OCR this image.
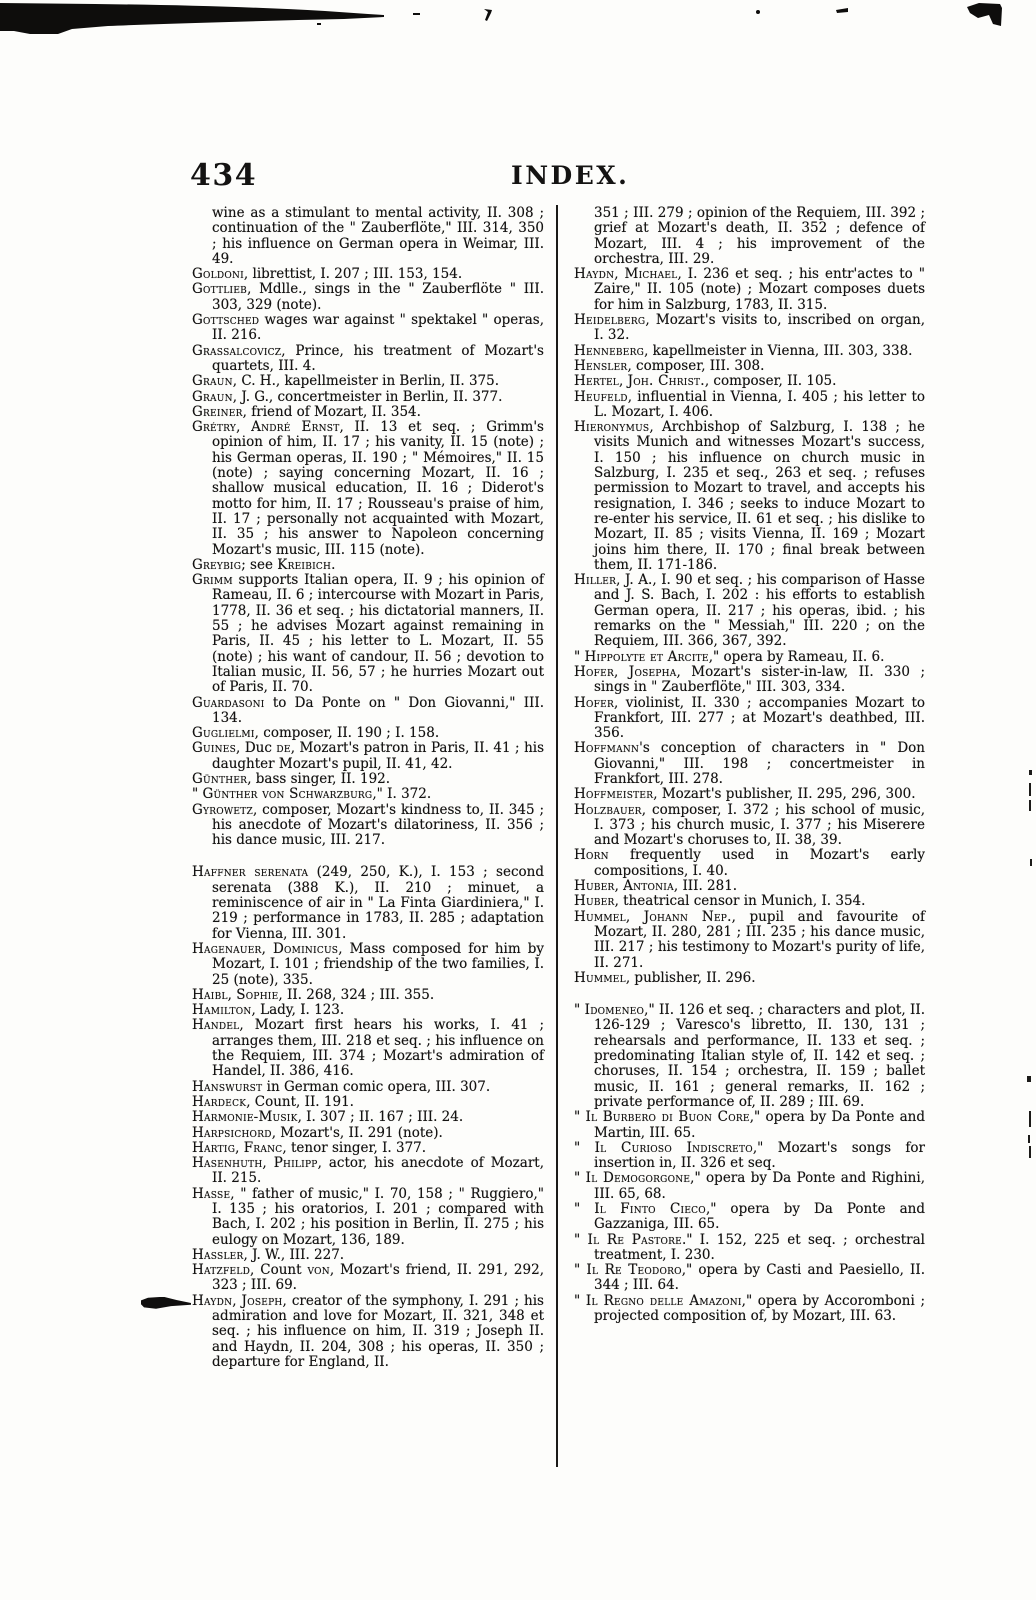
434	INDEX.

wine as a stimulant to mental activity, II. 308 ; continuation of the " Zauberflöte," III. 314, 350 ; his influence on German opera in Weimar, III. 49.

Goldoni, librettist, I. 207 ; III. 153, 154.

Gottlieb, Mdlle., sings in the " Zauberflöte " III. 303, 329 (note).

Gottsched wages war against " spektakel " operas, II. 216.

Grassalcovicz, Prince, his treatment of Mozart's quartets, III. 4.

Graun, C. H., kapellmeister in Berlin, II. 375.

Graun, J. G., concertmeister in Berlin, II. 377.

Greiner, friend of Mozart, II. 354.

Grétry, André Ernst, II. 13 et seq. ; Grimm's opinion of him, II. 17 ; his vanity, II. 15 (note) ; his German operas, II. 190 ; " Mémoires," II. 15 (note) ; saying concerning Mozart, II. 16 ; shallow musical education, II. 16 ; Diderot's motto for him, II. 17 ; Rousseau's praise of him, II. 17 ; personally not acquainted with Mozart, II. 35 ; his answer to Napoleon concerning Mozart's music, III. 115 (note).

Greybig; see Kreibich.

Grimm supports Italian opera, II. 9 ; his opinion of Rameau, II. 6 ; intercourse with Mozart in Paris, 1778, II. 36 et seq. ; his dictatorial manners, II. 55 ; he advises Mozart against remaining in Paris, II. 45 ; his letter to L. Mozart, II. 55 (note) ; his want of candour, II. 56 ; devotion to Italian music, II. 56, 57 ; he hurries Mozart out of Paris, II. 70.

Guardasoni to Da Ponte on " Don Giovanni," III. 134.

Guglielmi, composer, II. 190 ; I. 158.

Guines, Duc de, Mozart's patron in Paris, II. 41 ; his daughter Mozart's pupil, II. 41, 42.

Günther, bass singer, II. 192.

" Günther von Schwarzburg," I. 372.

Gyrowetz, composer, Mozart's kindness to, II. 345 ; his anecdote of Mozart's dilatoriness, II. 356 ; his dance music, III. 217.

Haffner serenata (249, 250, K.), I. 153 ; second serenata (388 K.), II. 210 ; minuet, a reminiscence of air in " La Finta Giardiniera," I. 219 ; performance in 1783, II. 285 ; adaptation for Vienna, III. 301.

Hagenauer, Dominicus, Mass composed for him by Mozart, I. 101 ; friendship of the two families, I. 25 (note), 335.

Haibl, Sophie, II. 268, 324 ; III. 355.

Hamilton, Lady, I. 123.

Handel, Mozart first hears his works, I. 41 ; arranges them, III. 218 et seq. ; his influence on the Requiem, III. 374 ; Mozart's admiration of Handel, II. 386, 416.

Hanswurst in German comic opera, III. 307.

Hardeck, Count, II. 191.

Harmonie-Musik, I. 307 ; II. 167 ; III. 24.

Harpsichord, Mozart's, II. 291 (note).

Hartig, Franc, tenor singer, I. 377.

Hasenhuth, Philipp, actor, his anecdote of Mozart, II. 215.

Hasse, " father of music," I. 70, 158 ; " Ruggiero," I. 135 ; his oratorios, I. 201 ; compared with Bach, I. 202 ; his position in Berlin, II. 275 ; his eulogy on Mozart, 136, 189.

Hassler, J. W., III. 227.

Hatzfeld, Count von, Mozart's friend, II. 291, 292, 323 ; III. 69.

Haydn, Joseph, creator of the symphony, I. 291 ; his admiration and love for Mozart, II. 321, 348 et seq. ; his influence on him, II. 319 ; Joseph II. and Haydn, II. 204, 308 ; his operas, II. 350 ; departure for England, II.

351 ; III. 279 ; opinion of the Requiem, III. 392 ; grief at Mozart's death, II. 352 ; defence of Mozart, III. 4 ; his improvement of the orchestra, III. 29.

Haydn, Michael, I. 236 et seq. ; his entr'actes to " Zaire," II. 105 (note) ; Mozart composes duets for him in Salzburg, 1783, II. 315.

Heidelberg, Mozart's visits to, inscribed on organ, I. 32.

Henneberg, kapellmeister in Vienna, III. 303, 338.

Hensler, composer, III. 308.

Hertel, Joh. Christ., composer, II. 105.

Heufeld, influential in Vienna, I. 405 ; his letter to L. Mozart, I. 406.

Hieronymus, Archbishop of Salzburg, I. 138 ; he visits Munich and witnesses Mozart's success, I. 150 ; his influence on church music in Salzburg, I. 235 et seq., 263 et seq. ; refuses permission to Mozart to travel, and accepts his resignation, I. 346 ; seeks to induce Mozart to re-enter his service, II. 61 et seq. ; his dislike to Mozart, II. 85 ; visits Vienna, II. 169 ; Mozart joins him there, II. 170 ; final break between them, II. 171-186.

Hiller, J. A., I. 90 et seq. ; his comparison of Hasse and J. S. Bach, I. 202 : his efforts to establish German opera, II. 217 ; his operas, ibid. ; his remarks on the " Messiah," III. 220 ; on the Requiem, III. 366, 367, 392.

" Hippolyte et Arcite," opera by Rameau, II. 6.

Hofer, Josepha, Mozart's sister-in-law, II. 330 ; sings in " Zauberflöte," III. 303, 334.

Hofer, violinist, II. 330 ; accompanies Mozart to Frankfort, III. 277 ; at Mozart's deathbed, III. 356.

Hoffmann's conception of characters in " Don Giovanni," III. 198 ; concertmeister in Frankfort, III. 278.

Hoffmeister, Mozart's publisher, II. 295, 296, 300.

Holzbauer, composer, I. 372 ; his school of music, I. 373 ; his church music, I. 377 ; his Miserere and Mozart's choruses to, II. 38, 39.

Horn frequently used in Mozart's early compositions, I. 40.

Huber, Antonia, III. 281.

Huber, theatrical censor in Munich, I. 354.

Hummel, Johann Nep., pupil and favourite of Mozart, II. 280, 281 ; III. 235 ; his dance music, III. 217 ; his testimony to Mozart's purity of life, II. 271.

Hummel, publisher, II. 296.

" Idomeneo," II. 126 et seq. ; characters and plot, II. 126-129 ; Varesco's libretto, II. 130, 131 ; rehearsals and performance, II. 133 et seq. ; predominating Italian style of, II. 142 et seq. ; choruses, II. 154 ; orchestra, II. 159 ; ballet music, II. 161 ; general remarks, II. 162 ; private performance of, II. 289 ; III. 69.

" Il Burbero di Buon Core," opera by Da Ponte and Martin, III. 65.

" Il Curioso Indiscreto," Mozart's songs for insertion in, II. 326 et seq.

" Il Demogorgone," opera by Da Ponte and Righini, III. 65, 68.

" Il Finto Cieco," opera by Da Ponte and Gazzaniga, III. 65.

" Il Re Pastore." I. 152, 225 et seq. ; orchestral treatment, I. 230.

" Il Re Teodoro," opera by Casti and Paesiello, II. 344 ; III. 64.

" Il Regno delle Amazoni," opera by Accoromboni ; projected composition of, by Mozart, III. 63.
